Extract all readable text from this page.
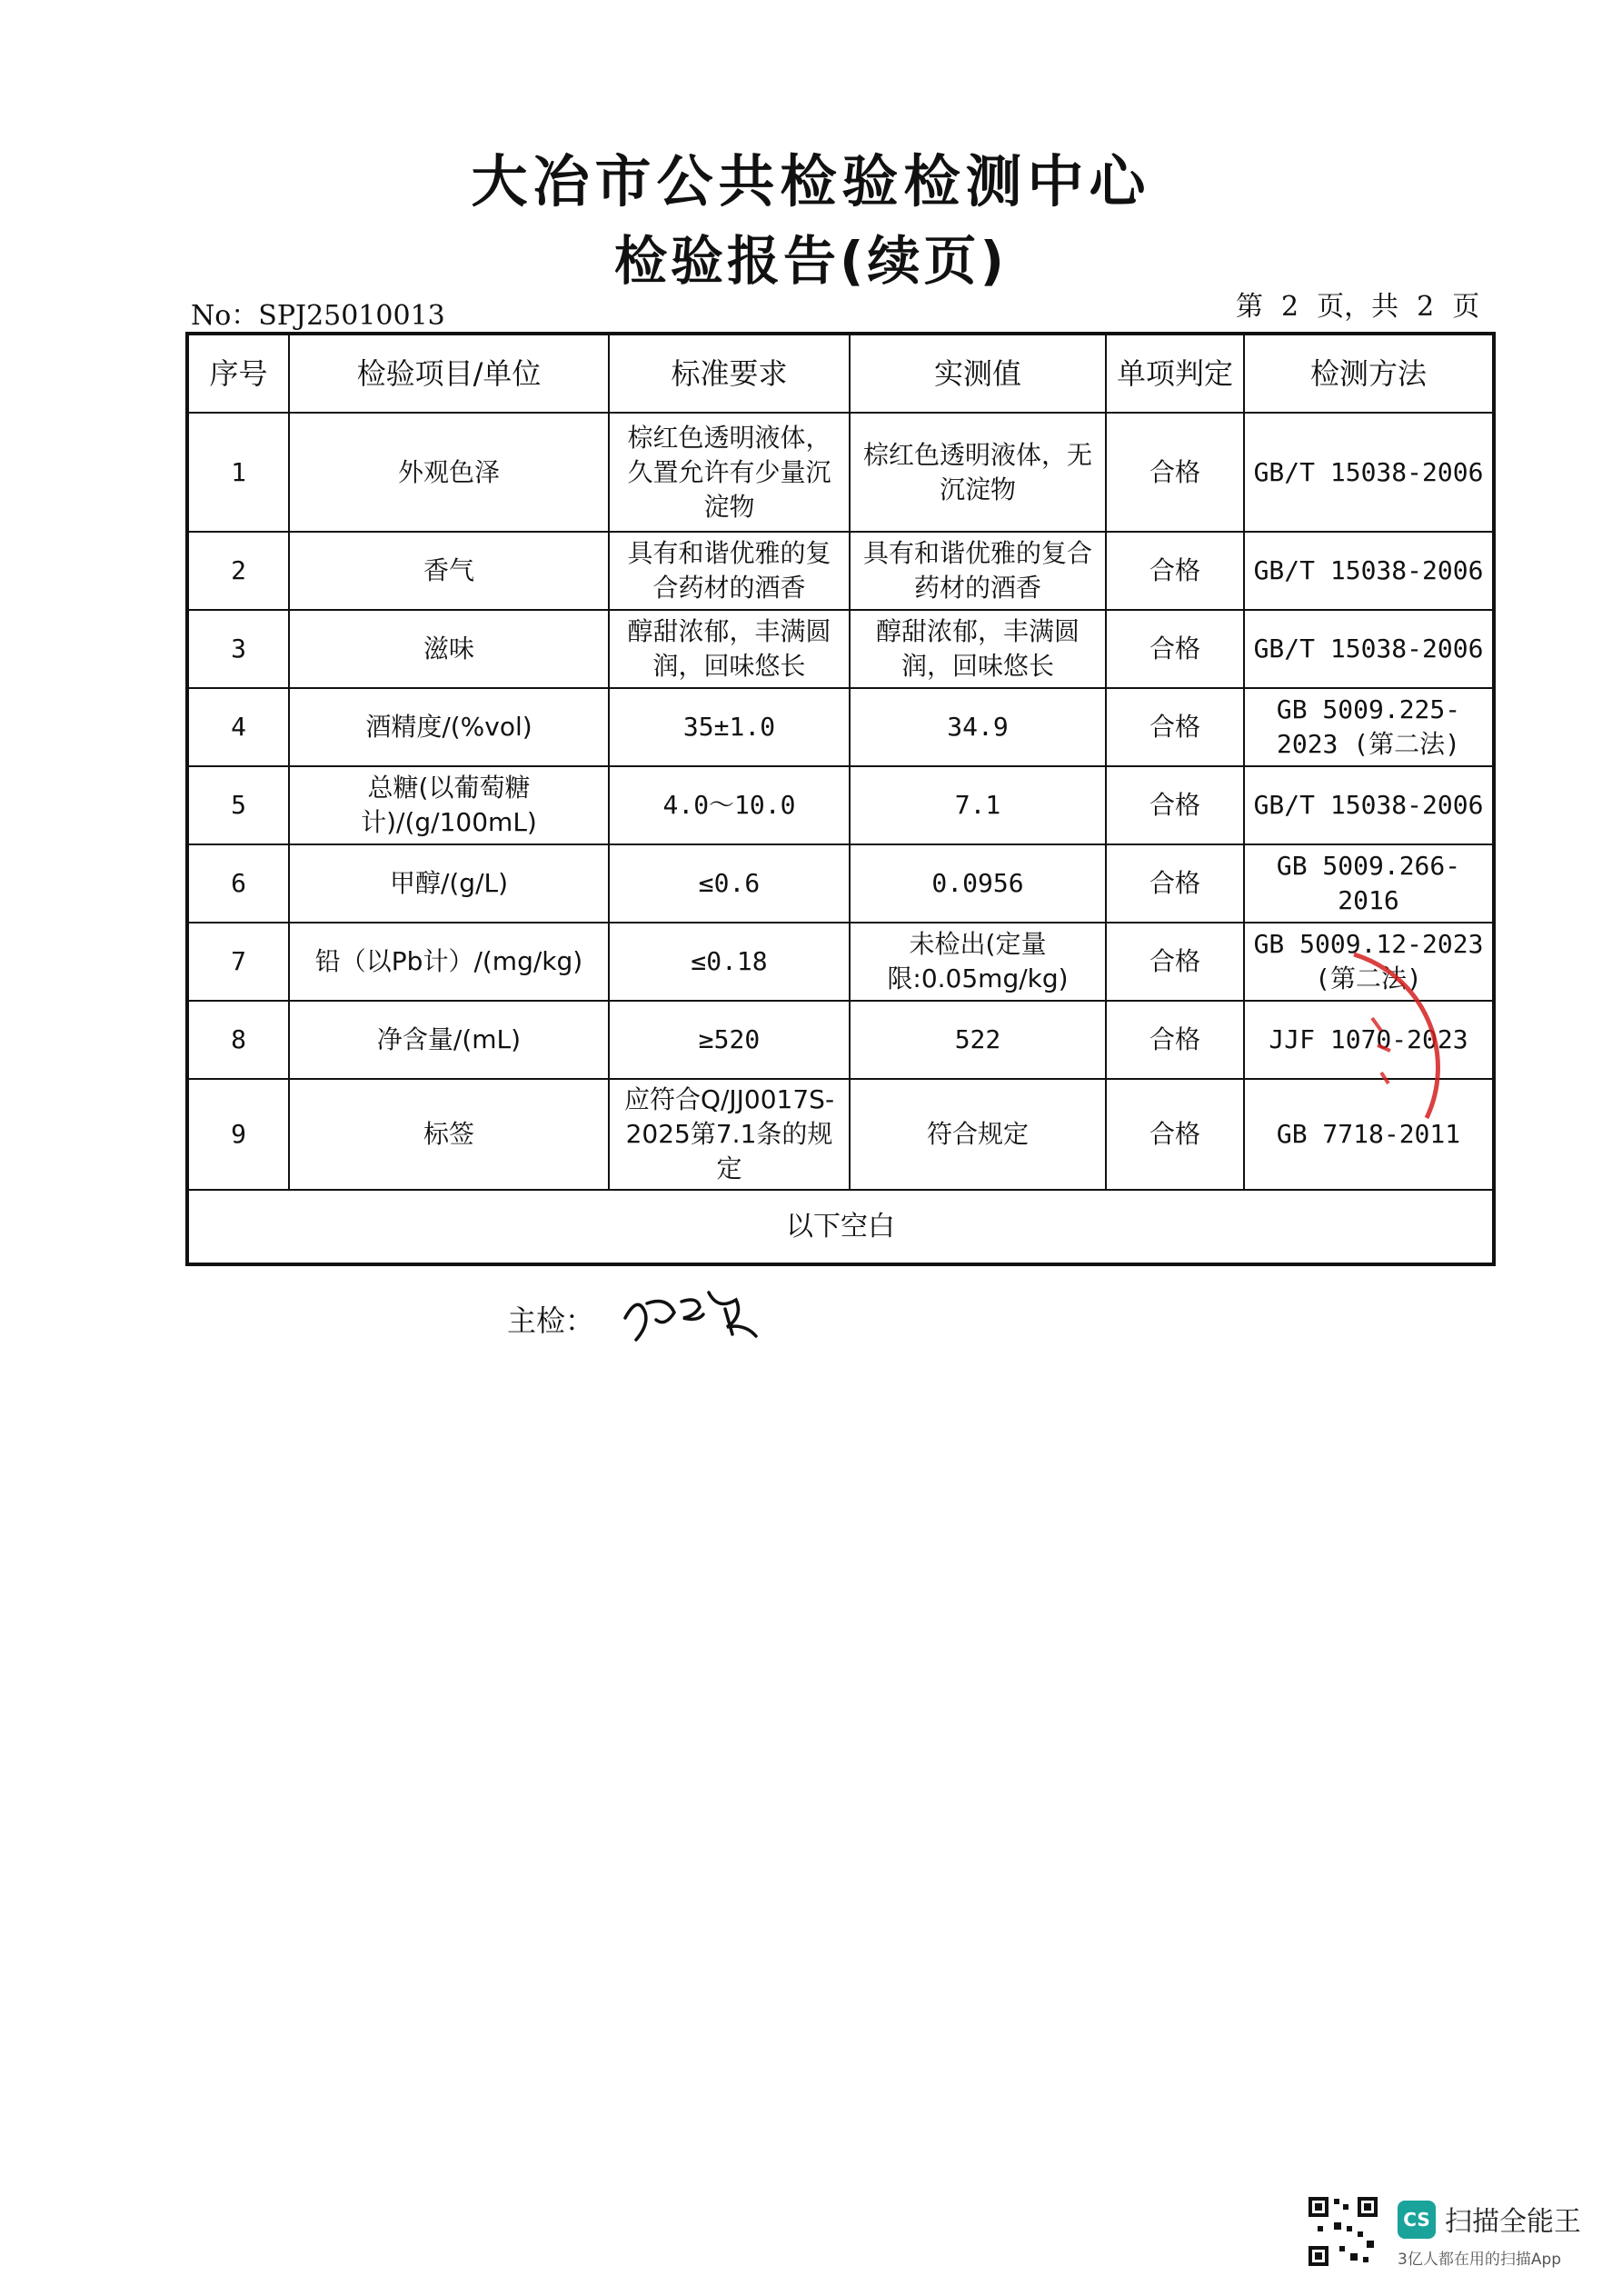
大冶市公共检验检测中心
检验报告(续页)
No：SPJ25010013	第 2 页，共 2 页
序号	检验项目/单位	标准要求	实测值	单项判定	检测方法
1	外观色泽	棕红色透明液体，久置允许有少量沉淀物	棕红色透明液体，无沉淀物	合格	GB/T 15038-2006
2	香气	具有和谐优雅的复合药材的酒香	具有和谐优雅的复合药材的酒香	合格	GB/T 15038-2006
3	滋味	醇甜浓郁，丰满圆润，回味悠长	醇甜浓郁，丰满圆润，回味悠长	合格	GB/T 15038-2006
4	酒精度/(%vol)	35±1.0	34.9	合格	GB 5009.225-2023 (第二法)
5	总糖(以葡萄糖计)/(g/100mL)	4.0～10.0	7.1	合格	GB/T 15038-2006
6	甲醇/(g/L)	≤0.6	0.0956	合格	GB 5009.266-2016
7	铅（以Pb计）/(mg/kg)	≤0.18	未检出(定量限:0.05mg/kg)	合格	GB 5009.12-2023 (第二法)
8	净含量/(mL)	≥520	522	合格	JJF 1070-2023
9	标签	应符合Q/JJ0017S-2025第7.1条的规定	符合规定	合格	GB 7718-2011
以下空白					
主检：
CS 扫描全能王
3亿人都在用的扫描App
